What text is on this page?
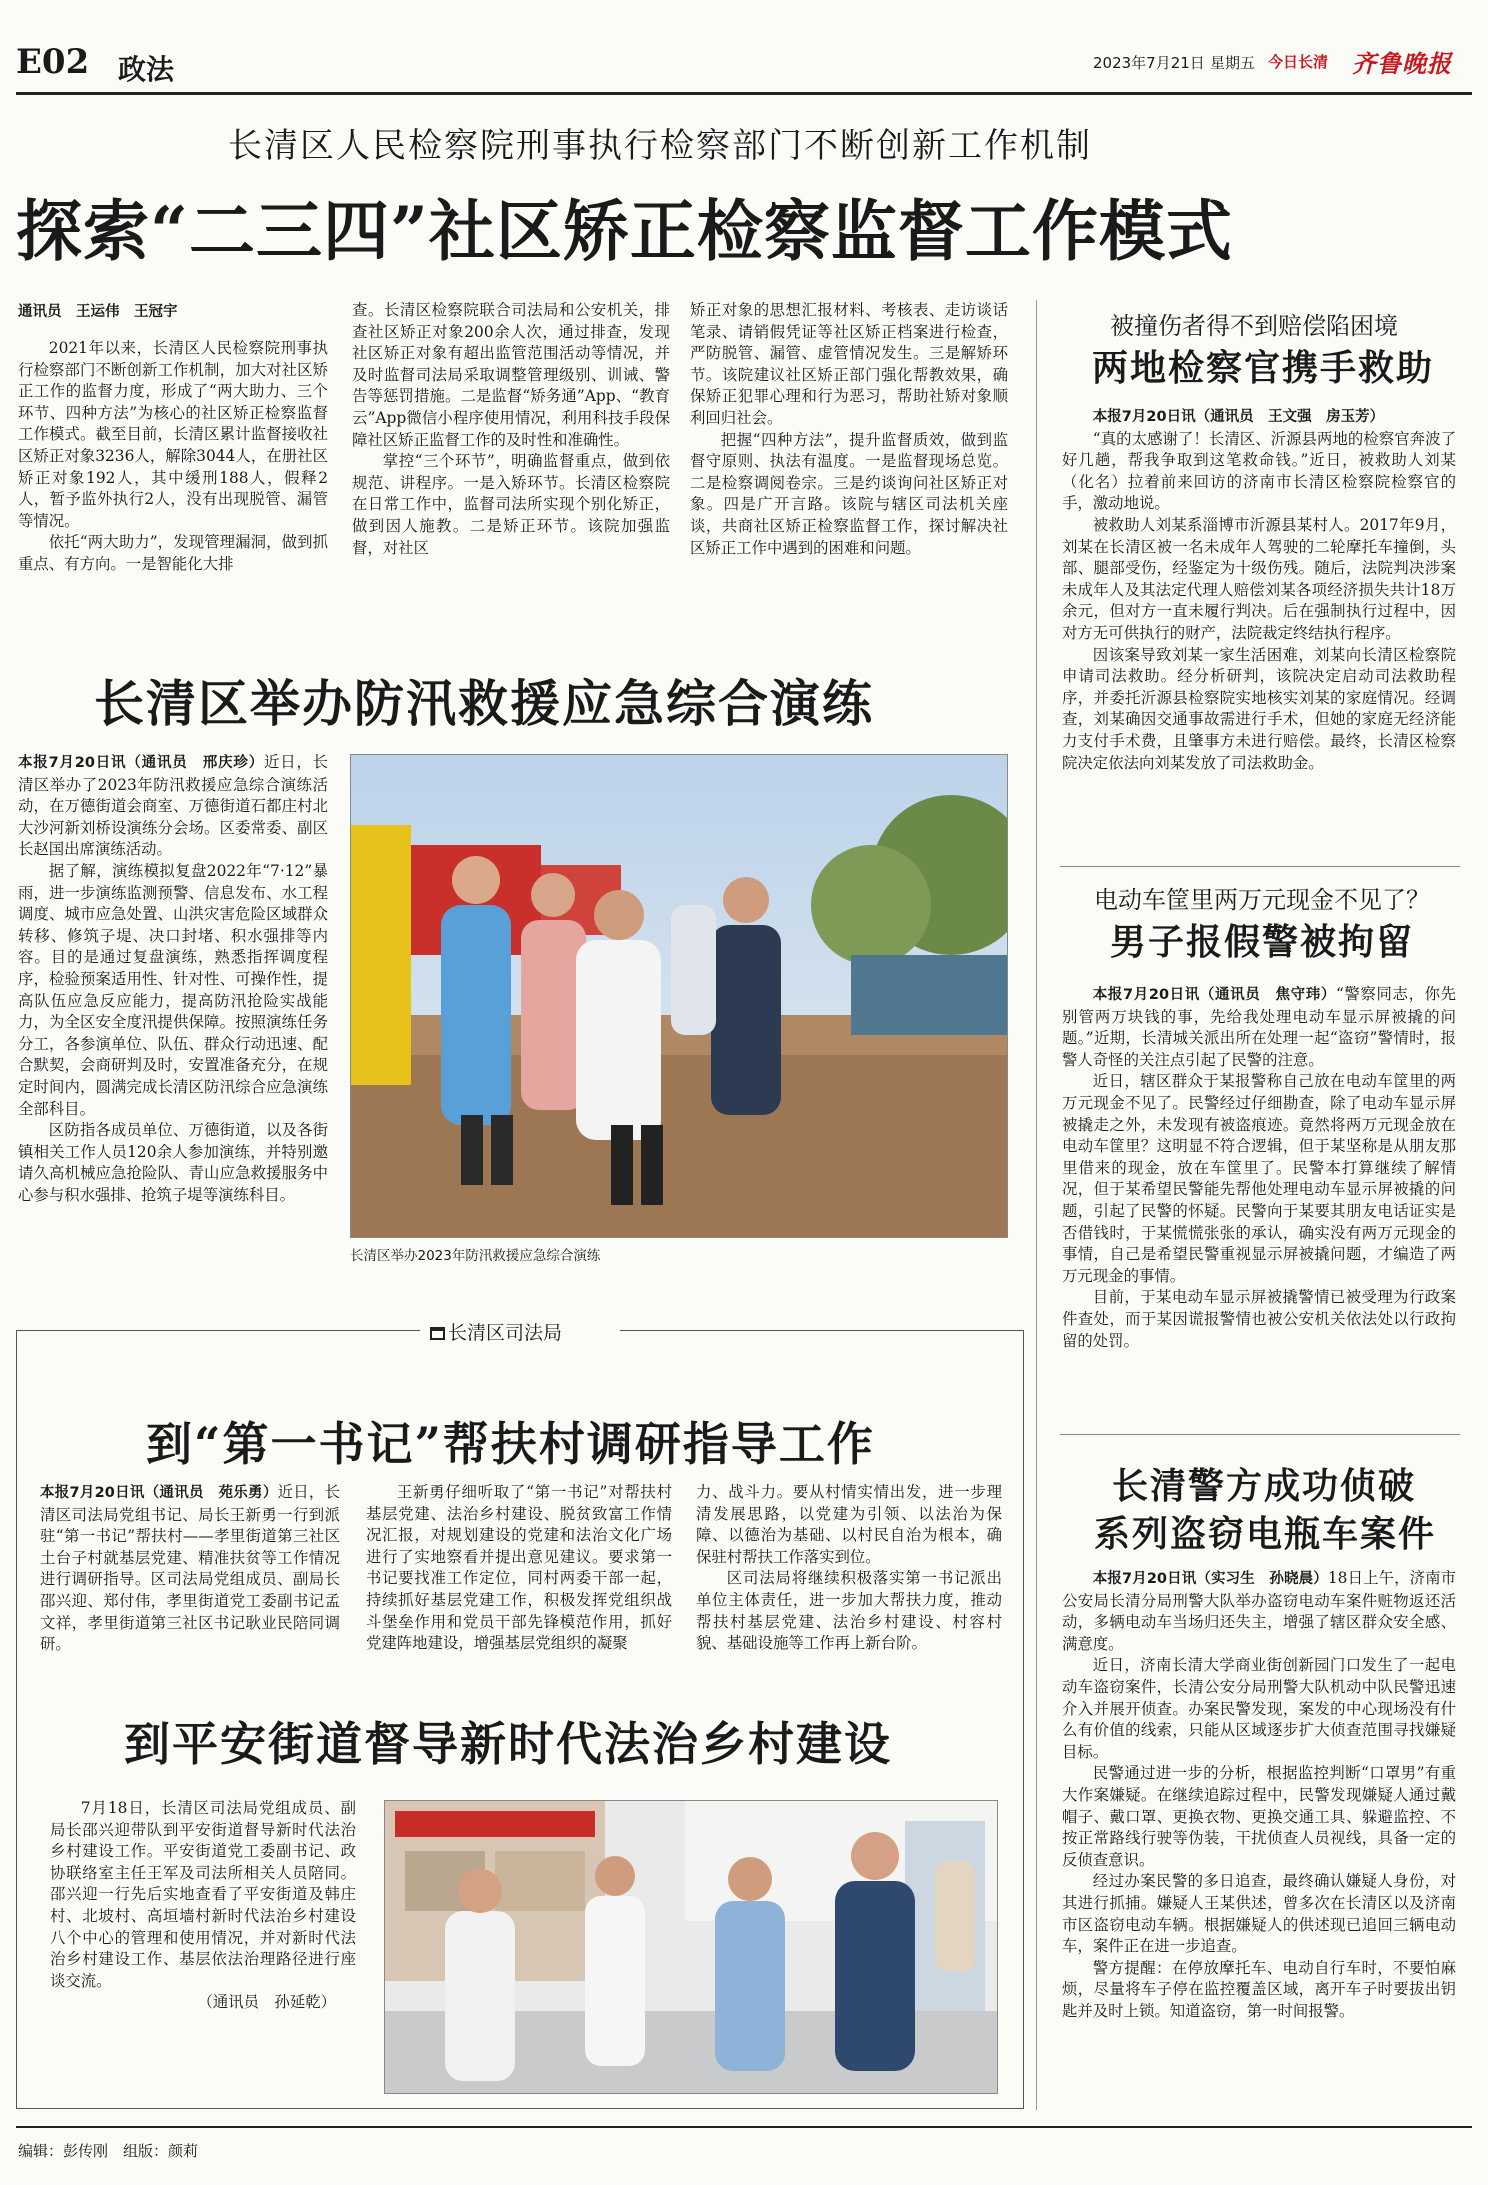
E02 政法	2023年7月21日 星期五 今日长清 齐鲁晚报
长清区人民检察院刑事执行检察部门不断创新工作机制
探索“二三四”社区矫正检察监督工作模式
通讯员　王运伟　王冠宇

2021年以来，长清区人民检察院刑事执行检察部门不断创新工作机制，加大对社区矫正工作的监督力度，形成了“两大助力、三个环节、四种方法”为核心的社区矫正检察监督工作模式。截至目前，长清区累计监督接收社区矫正对象3236人，解除3044人，在册社区矫正对象192人，其中缓刑188人，假释2人，暂予监外执行2人，没有出现脱管、漏管等情况。

依托“两大助力”，发现管理漏洞，做到抓重点、有方向。一是智能化大排

查。长清区检察院联合司法局和公安机关，排查社区矫正对象200余人次，通过排查，发现社区矫正对象有超出监管范围活动等情况，并及时监督司法局采取调整管理级别、训诫、警告等惩罚措施。二是监督“矫务通”App、“教育云”App微信小程序使用情况，利用科技手段保障社区矫正监督工作的及时性和准确性。

掌控“三个环节”，明确监督重点，做到依规范、讲程序。一是入矫环节。长清区检察院在日常工作中，监督司法所实现个别化矫正，做到因人施教。二是矫正环节。该院加强监督，对社区

矫正对象的思想汇报材料、考核表、走访谈话笔录、请销假凭证等社区矫正档案进行检查，严防脱管、漏管、虚管情况发生。三是解矫环节。该院建议社区矫正部门强化帮教效果，确保矫正犯罪心理和行为恶习，帮助社矫对象顺利回归社会。

把握“四种方法”，提升监督质效，做到监督守原则、执法有温度。一是监督现场总览。二是检察调阅卷宗。三是约谈询问社区矫正对象。四是广开言路。该院与辖区司法机关座谈，共商社区矫正检察监督工作，探讨解决社区矫正工作中遇到的困难和问题。

长清区举办防汛救援应急综合演练

本报7月20日讯（通讯员　邢庆珍）近日，长清区举办了2023年防汛救援应急综合演练活动，在万德街道会商室、万德街道石都庄村北大沙河新刘桥设演练分会场。区委常委、副区长赵国出席演练活动。

据了解，演练模拟复盘2022年“7·12”暴雨，进一步演练监测预警、信息发布、水工程调度、城市应急处置、山洪灾害危险区域群众转移、修筑子堤、决口封堵、积水强排等内容。目的是通过复盘演练，熟悉指挥调度程序，检验预案适用性、针对性、可操作性，提高队伍应急反应能力，提高防汛抢险实战能力，为全区安全度汛提供保障。按照演练任务分工，各参演单位、队伍、群众行动迅速、配合默契，会商研判及时，安置准备充分，在规定时间内，圆满完成长清区防汛综合应急演练全部科目。

区防指各成员单位、万德街道，以及各街镇相关工作人员120余人参加演练，并特别邀请久高机械应急抢险队、青山应急救援服务中心参与积水强排、抢筑子堤等演练科目。

长清区举办2023年防汛救援应急综合演练
长清区司法局
到“第一书记”帮扶村调研指导工作

本报7月20日讯（通讯员　苑乐勇）近日，长清区司法局党组书记、局长王新勇一行到派驻“第一书记”帮扶村——孝里街道第三社区土台子村就基层党建、精准扶贫等工作情况进行调研指导。区司法局党组成员、副局长邵兴迎、郑付伟，孝里街道党工委副书记孟文祥，孝里街道第三社区书记耿业民陪同调研。

王新勇仔细听取了“第一书记”对帮扶村基层党建、法治乡村建设、脱贫致富工作情况汇报，对规划建设的党建和法治文化广场进行了实地察看并提出意见建议。要求第一书记要找准工作定位，同村两委干部一起，持续抓好基层党建工作，积极发挥党组织战斗堡垒作用和党员干部先锋模范作用，抓好党建阵地建设，增强基层党组织的凝聚

力、战斗力。要从村情实情出发，进一步理清发展思路，以党建为引领、以法治为保障、以德治为基础、以村民自治为根本，确保驻村帮扶工作落实到位。

区司法局将继续积极落实第一书记派出单位主体责任，进一步加大帮扶力度，推动帮扶村基层党建、法治乡村建设、村容村貌、基础设施等工作再上新台阶。

到平安街道督导新时代法治乡村建设

7月18日，长清区司法局党组成员、副局长邵兴迎带队到平安街道督导新时代法治乡村建设工作。平安街道党工委副书记、政协联络室主任王军及司法所相关人员陪同。邵兴迎一行先后实地查看了平安街道及韩庄村、北坡村、高垣墙村新时代法治乡村建设八个中心的管理和使用情况，并对新时代法治乡村建设工作、基层依法治理路径进行座谈交流。

（通讯员　孙延乾）

被撞伤者得不到赔偿陷困境
两地检察官携手救助

本报7月20日讯（通讯员　王文强　房玉芳）

“真的太感谢了！长清区、沂源县两地的检察官奔波了好几趟，帮我争取到这笔救命钱。”近日，被救助人刘某（化名）拉着前来回访的济南市长清区检察院检察官的手，激动地说。

被救助人刘某系淄博市沂源县某村人。2017年9月，刘某在长清区被一名未成年人驾驶的二轮摩托车撞倒，头部、腿部受伤，经鉴定为十级伤残。随后，法院判决涉案未成年人及其法定代理人赔偿刘某各项经济损失共计18万余元，但对方一直未履行判决。后在强制执行过程中，因对方无可供执行的财产，法院裁定终结执行程序。

因该案导致刘某一家生活困难，刘某向长清区检察院申请司法救助。经分析研判，该院决定启动司法救助程序，并委托沂源县检察院实地核实刘某的家庭情况。经调查，刘某确因交通事故需进行手术，但她的家庭无经济能力支付手术费，且肇事方未进行赔偿。最终，长清区检察院决定依法向刘某发放了司法救助金。

电动车筐里两万元现金不见了？
男子报假警被拘留

本报7月20日讯（通讯员　焦守玮）“警察同志，你先别管两万块钱的事，先给我处理电动车显示屏被撬的问题。”近期，长清城关派出所在处理一起“盗窃”警情时，报警人奇怪的关注点引起了民警的注意。

近日，辖区群众于某报警称自己放在电动车筐里的两万元现金不见了。民警经过仔细勘查，除了电动车显示屏被撬走之外，未发现有被盗痕迹。竟然将两万元现金放在电动车筐里？这明显不符合逻辑，但于某坚称是从朋友那里借来的现金，放在车筐里了。民警本打算继续了解情况，但于某希望民警能先帮他处理电动车显示屏被撬的问题，引起了民警的怀疑。民警向于某要其朋友电话证实是否借钱时，于某慌慌张张的承认，确实没有两万元现金的事情，自己是希望民警重视显示屏被撬问题，才编造了两万元现金的事情。

目前，于某电动车显示屏被撬警情已被受理为行政案件查处，而于某因谎报警情也被公安机关依法处以行政拘留的处罚。

长清警方成功侦破
系列盗窃电瓶车案件

本报7月20日讯（实习生　孙晓晨）18日上午，济南市公安局长清分局刑警大队举办盗窃电动车案件赃物返还活动，多辆电动车当场归还失主，增强了辖区群众安全感、满意度。

近日，济南长清大学商业街创新园门口发生了一起电动车盗窃案件，长清公安分局刑警大队机动中队民警迅速介入并展开侦查。办案民警发现，案发的中心现场没有什么有价值的线索，只能从区域逐步扩大侦查范围寻找嫌疑目标。

民警通过进一步的分析，根据监控判断“口罩男”有重大作案嫌疑。在继续追踪过程中，民警发现嫌疑人通过戴帽子、戴口罩、更换衣物、更换交通工具、躲避监控、不按正常路线行驶等伪装，干扰侦查人员视线，具备一定的反侦查意识。

经过办案民警的多日追查，最终确认嫌疑人身份，对其进行抓捕。嫌疑人王某供述，曾多次在长清区以及济南市区盗窃电动车辆。根据嫌疑人的供述现已追回三辆电动车，案件正在进一步追查。

警方提醒：在停放摩托车、电动自行车时，不要怕麻烦，尽量将车子停在监控覆盖区域，离开车子时要拔出钥匙并及时上锁。知道盗窃，第一时间报警。

编辑：彭传刚　组版：颜莉
